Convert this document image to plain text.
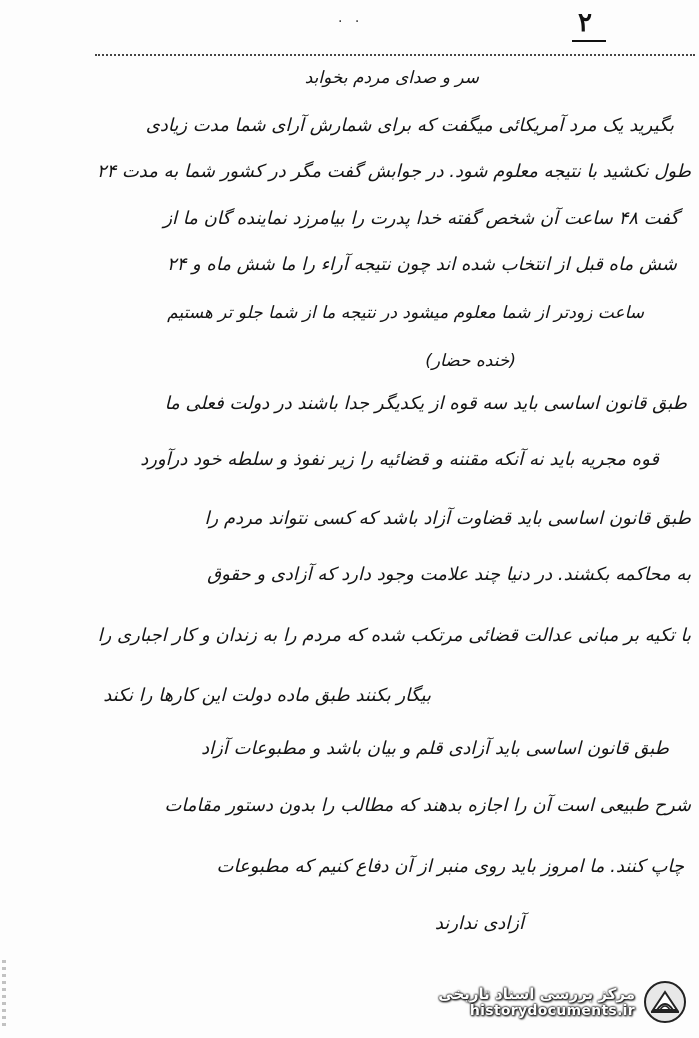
. .	۲
سر و صدای مردم بخوابد
بگیرید یک مرد آمریکائی میگفت که برای شمارش آرای شما مدت زیادی
طول نکشید با نتیجه معلوم شود. در جوابش گفت مگر در کشور شما به مدت ۲۴
گفت ۴۸ ساعت آن شخص گفته خدا پدرت را بیامرزد نماینده گان ما از
شش ماه قبل از انتخاب شده اند چون نتیجه آراء را ما شش ماه و ۲۴
ساعت زودتر از شما معلوم میشود در نتیجه ما از شما جلو تر هستیم
(خنده حضار)
طبق قانون اساسی باید سه قوه از یکدیگر جدا باشند در دولت فعلی ما
قوه مجریه باید نه آنکه مقننه و قضائیه را زیر نفوذ و سلطه خود درآورد
طبق قانون اساسی باید قضاوت آزاد باشد که کسی نتواند مردم را
به محاکمه بکشند. در دنیا چند علامت وجود دارد که آزادی و حقوق
با تکیه بر مبانی عدالت قضائی مرتکب شده که مردم را به زندان و کار اجباری را
بیگار بکنند طبق ماده دولت این کارها را نکند
طبق قانون اساسی باید آزادی قلم و بیان باشد و مطبوعات آزاد
شرح طبیعی است آن را اجازه بدهند که مطالب را بدون دستور مقامات
چاپ کنند. ما امروز باید روی منبر از آن دفاع کنیم که مطبوعات
آزادی ندارند
مرکز بررسی اسناد تاریخی
historydocuments.ir
